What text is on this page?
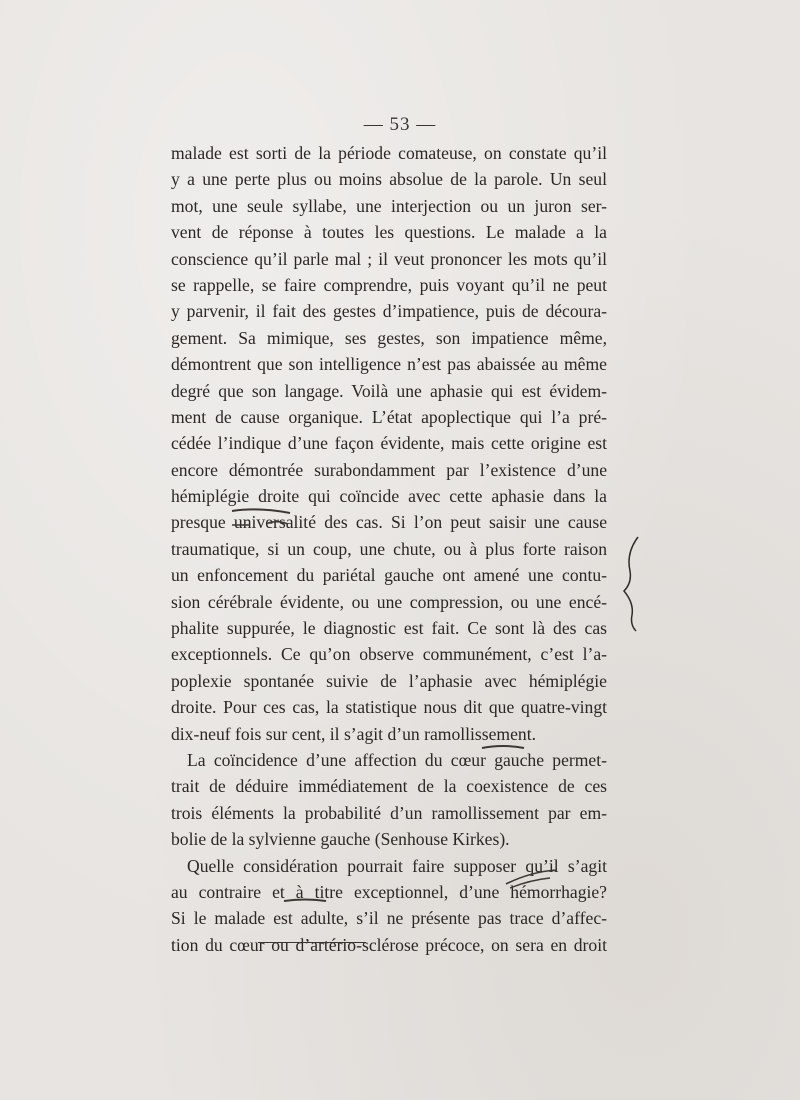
— 53 —
malade est sorti de la période comateuse, on constate qu’il
y a une perte plus ou moins absolue de la parole. Un seul
mot, une seule syllabe, une interjection ou un juron ser-
vent de réponse à toutes les questions. Le malade a la
conscience qu’il parle mal ; il veut prononcer les mots qu’il
se rappelle, se faire comprendre, puis voyant qu’il ne peut
y parvenir, il fait des gestes d’impatience, puis de découra-
gement. Sa mimique, ses gestes, son impatience même,
démontrent que son intelligence n’est pas abaissée au même
degré que son langage. Voilà une aphasie qui est évidem-
ment de cause organique. L’état apoplectique qui l’a pré-
cédée l’indique d’une façon évidente, mais cette origine est
encore démontrée surabondamment par l’existence d’une
hémiplégie droite qui coïncide avec cette aphasie dans la
presque universalité des cas. Si l’on peut saisir une cause
traumatique, si un coup, une chute, ou à plus forte raison
un enfoncement du pariétal gauche ont amené une contu-
sion cérébrale évidente, ou une compression, ou une encé-
phalite suppurée, le diagnostic est fait. Ce sont là des cas
exceptionnels. Ce qu’on observe communément, c’est l’a-
poplexie spontanée suivie de l’aphasie avec hémiplégie
droite. Pour ces cas, la statistique nous dit que quatre-vingt
dix-neuf fois sur cent, il s’agit d’un ramollissement.
La coïncidence d’une affection du cœur gauche permet-
trait de déduire immédiatement de la coexistence de ces
trois éléments la probabilité d’un ramollissement par em-
bolie de la sylvienne gauche (Senhouse Kirkes).
Quelle considération pourrait faire supposer qu’il s’agit
au contraire et à titre exceptionnel, d’une hémorrhagie?
Si le malade est adulte, s’il ne présente pas trace d’affec-
tion du cœur ou d’artério-sclérose précoce, on sera en droit
